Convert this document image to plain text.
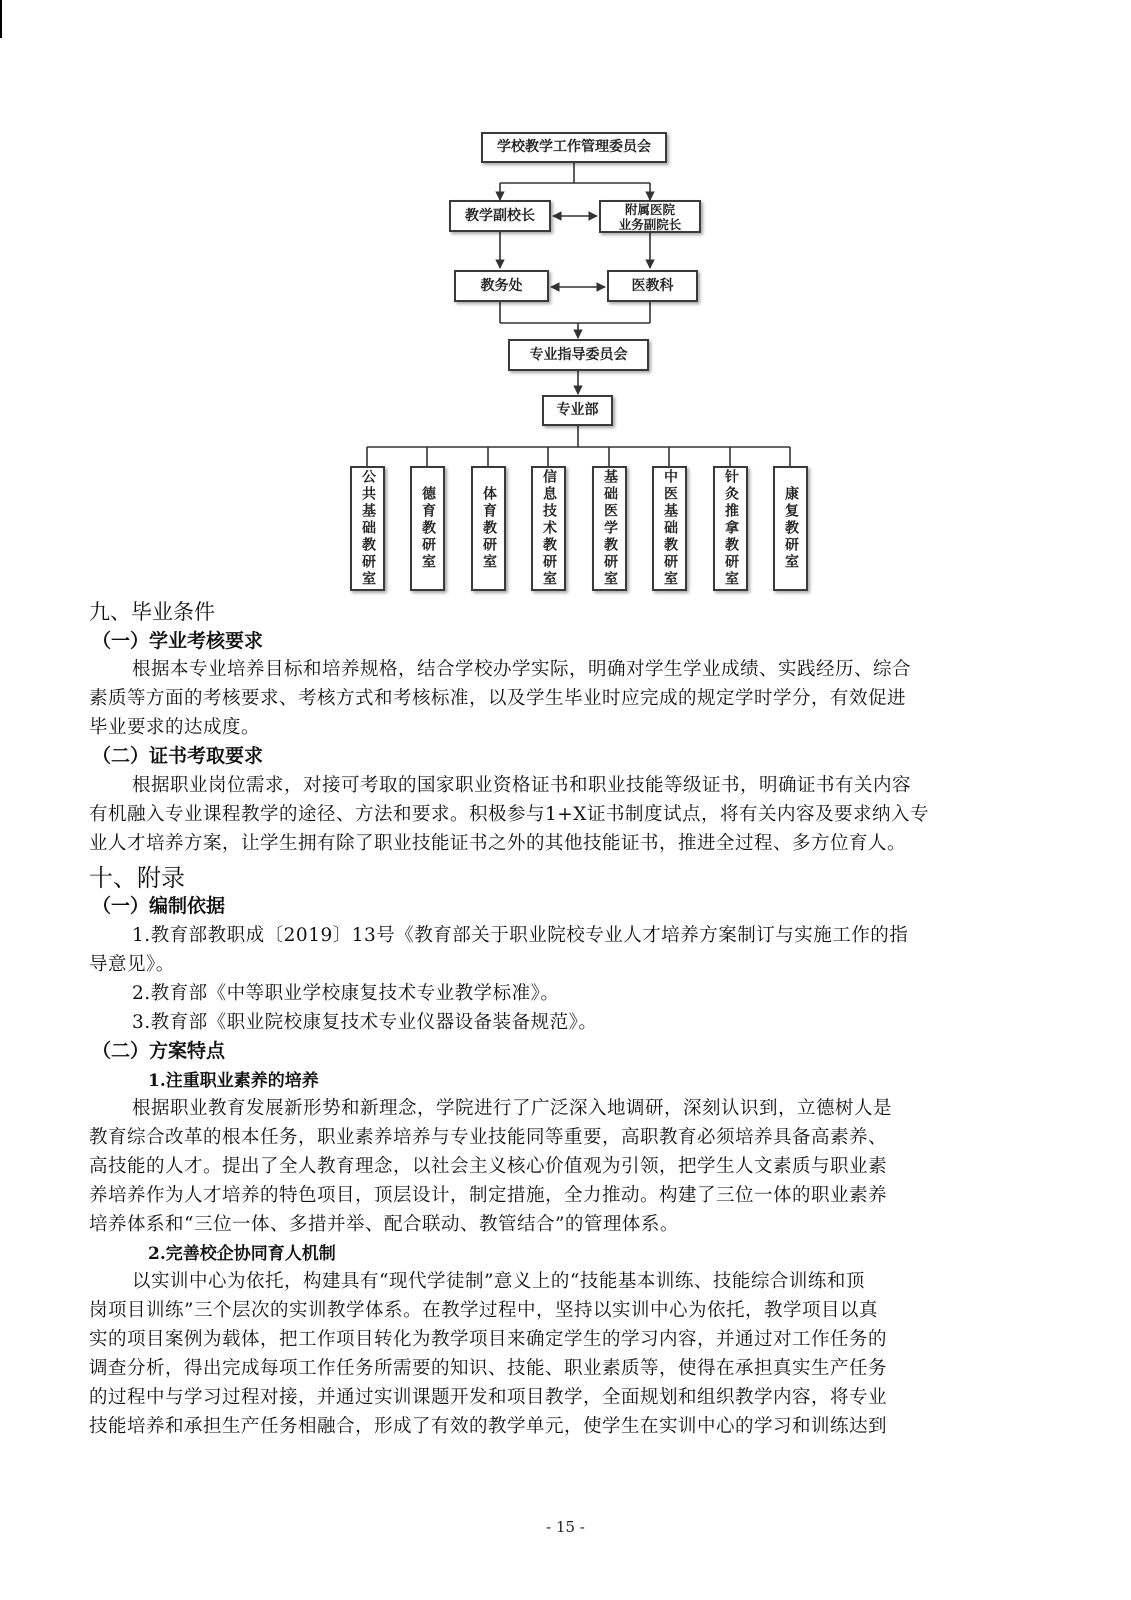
学校教学工作管理委员会
教学副校长	附属医院
业务副院长
教务处	医教科
专业指导委员会
专业部
公共基础教研室	德育教研室	体育教研室	信息技术教研室	基础医学教研室	中医基础教研室	针灸推拿教研室	康复教研室
九、毕业条件
（一）学业考核要求
根据本专业培养目标和培养规格，结合学校办学实际，明确对学生学业成绩、实践经历、综合
素质等方面的考核要求、考核方式和考核标准，以及学生毕业时应完成的规定学时学分，有效促进
毕业要求的达成度。
（二）证书考取要求
根据职业岗位需求，对接可考取的国家职业资格证书和职业技能等级证书，明确证书有关内容
有机融入专业课程教学的途径、方法和要求。积极参与1+X证书制度试点，将有关内容及要求纳入专
业人才培养方案，让学生拥有除了职业技能证书之外的其他技能证书，推进全过程、多方位育人。
十、附录
（一）编制依据
1.教育部教职成〔2019〕13号《教育部关于职业院校专业人才培养方案制订与实施工作的指
导意见》。
2.教育部《中等职业学校康复技术专业教学标准》。
3.教育部《职业院校康复技术专业仪器设备装备规范》。
（二）方案特点
1.注重职业素养的培养
根据职业教育发展新形势和新理念，学院进行了广泛深入地调研，深刻认识到，立德树人是
教育综合改革的根本任务，职业素养培养与专业技能同等重要，高职教育必须培养具备高素养、
高技能的人才。提出了全人教育理念，以社会主义核心价值观为引领，把学生人文素质与职业素
养培养作为人才培养的特色项目，顶层设计，制定措施，全力推动。构建了三位一体的职业素养
培养体系和“三位一体、多措并举、配合联动、教管结合”的管理体系。
2.完善校企协同育人机制
以实训中心为依托，构建具有“现代学徒制”意义上的“技能基本训练、技能综合训练和顶
岗项目训练”三个层次的实训教学体系。在教学过程中，坚持以实训中心为依托，教学项目以真
实的项目案例为载体，把工作项目转化为教学项目来确定学生的学习内容，并通过对工作任务的
调查分析，得出完成每项工作任务所需要的知识、技能、职业素质等，使得在承担真实生产任务
的过程中与学习过程对接，并通过实训课题开发和项目教学，全面规划和组织教学内容，将专业
技能培养和承担生产任务相融合，形成了有效的教学单元，使学生在实训中心的学习和训练达到
- 15 -
